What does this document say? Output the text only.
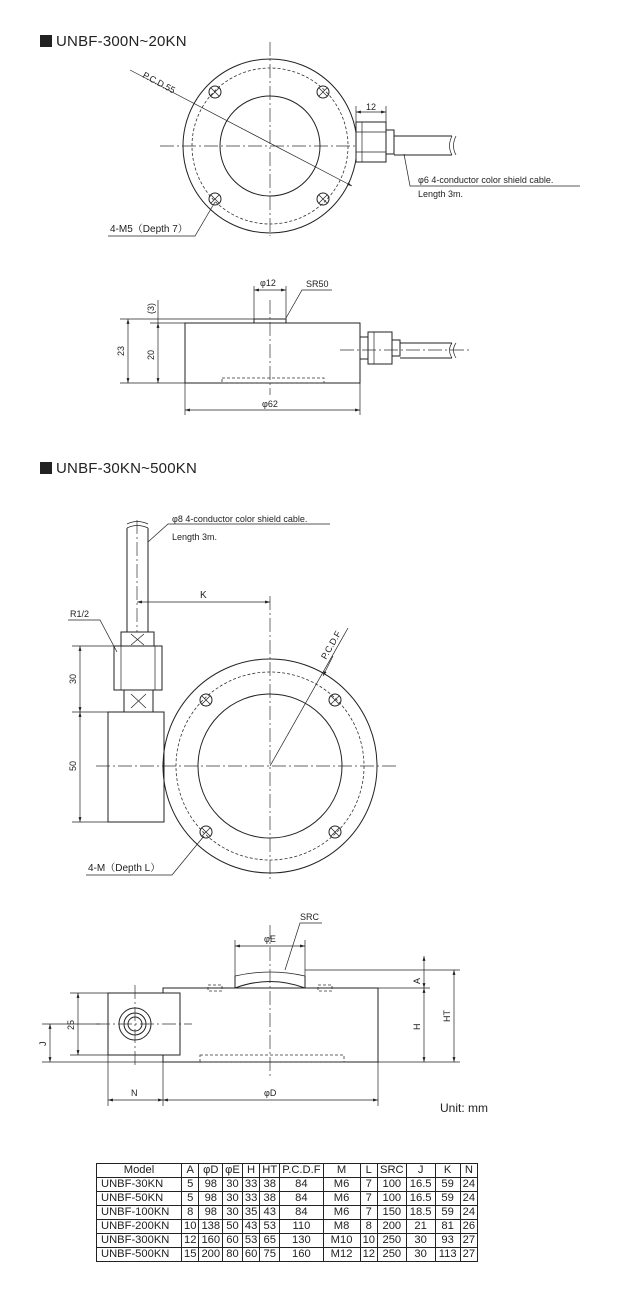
UNBF-300N~20KN
UNBF-30KN~500KN
P.C.D.55
12
φ6 4-conductor color shield cable.
Length 3m.
4-M5（Depth 7）
φ12	SR50
23 20
(3)
φ62
φ8 4-conductor color shield cable.
Length 3m.
K
R1/2
30
50
P.C.D.F
4-M（Depth L）
φE
SRC
A
H
HT
J
25
N	φD
Unit: mm
Model	A	φD	φE	H	HT	P.C.D.F	M	L	SRC	J	K	N
UNBF-30KN	5	98	30	33	38	84	M6	7	100	16.5	59	24
UNBF-50KN	5	98	30	33	38	84	M6	7	100	16.5	59	24
UNBF-100KN	8	98	30	35	43	84	M6	7	150	18.5	59	24
UNBF-200KN	10	138	50	43	53	110	M8	8	200	21	81	26
UNBF-300KN	12	160	60	53	65	130	M10	10	250	30	93	27
UNBF-500KN	15	200	80	60	75	160	M12	12	250	30	113	27
